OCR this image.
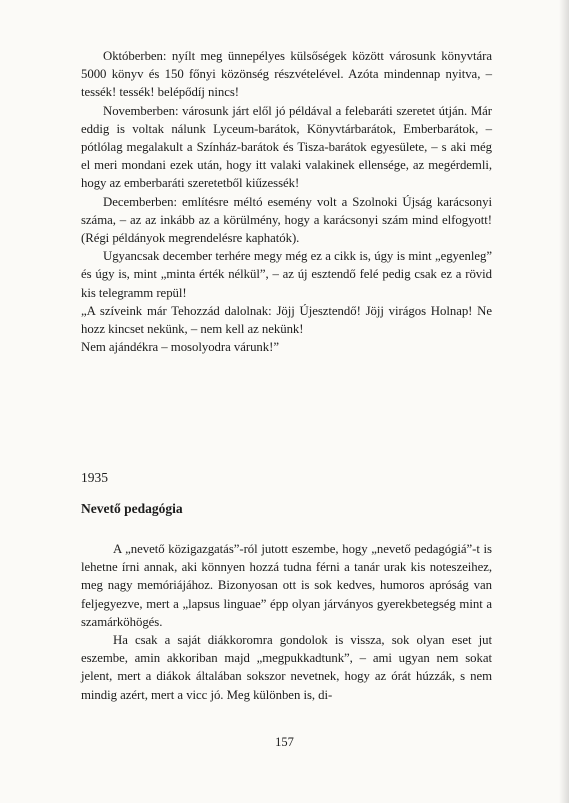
Októberben: nyílt meg ünnepélyes külsőségek között városunk könyvtára 5000 könyv és 150 főnyi közönség részvételével. Azóta mindennap nyitva, – tessék! tessék! belépődíj nincs!

Novemberben: városunk járt elől jó példával a felebaráti szeretet útján. Már eddig is voltak nálunk Lyceum-barátok, Könyvtárbarátok, Emberbarátok, – pótlólag megalakult a Színház-barátok és Tisza-barátok egyesülete, – s aki még el meri mondani ezek után, hogy itt valaki valakinek ellensége, az megérdemli, hogy az emberbaráti szeretetből kiűzessék!

Decemberben: említésre méltó esemény volt a Szolnoki Újság karácsonyi száma, – az az inkább az a körülmény, hogy a karácsonyi szám mind elfogyott! (Régi példányok megrendelésre kaphatók).

Ugyancsak december terhére megy még ez a cikk is, úgy is mint „egyenleg” és úgy is, mint „minta érték nélkül”, – az új esztendő felé pedig csak ez a rövid kis telegramm repül!

„A szíveink már Tehozzád dalolnak: Jöjj Újesztendő! Jöjj virágos Holnap! Ne hozz kincset nekünk, – nem kell az nekünk!

Nem ajándékra – mosolyodra várunk!”

1935
Nevető pedagógia

A „nevető közigazgatás”-ról jutott eszembe, hogy „nevető pedagógiá”-t is lehetne írni annak, aki könnyen hozzá tudna férni a tanár urak kis noteszeihez, meg nagy memóriájához. Bizonyosan ott is sok kedves, humoros apróság van feljegyezve, mert a „lapsus linguae” épp olyan járványos gyerekbetegség mint a szamárköhögés.

Ha csak a saját diákkoromra gondolok is vissza, sok olyan eset jut eszembe, amin akkoriban majd „megpukkadtunk”, – ami ugyan nem sokat jelent, mert a diákok általában sokszor nevetnek, hogy az órát húzzák, s nem mindig azért, mert a vicc jó. Meg különben is, di-

157
